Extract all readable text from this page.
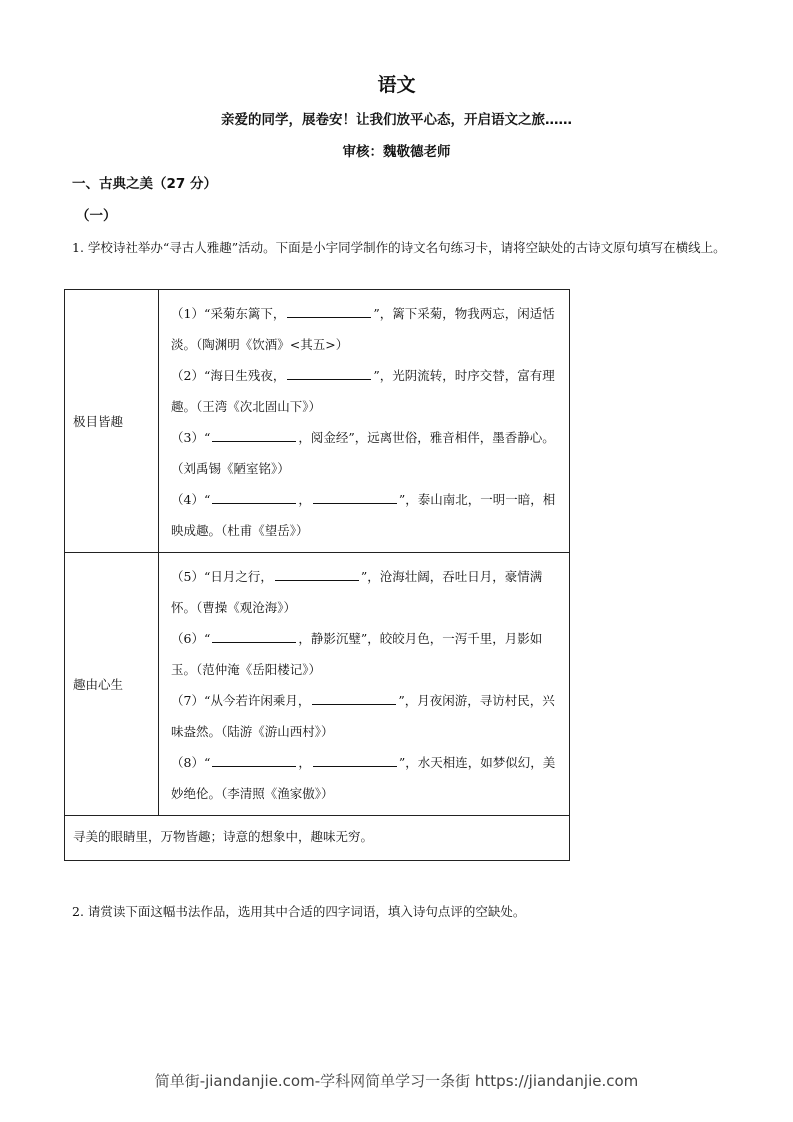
语文
亲爱的同学，展卷安！让我们放平心态，开启语文之旅……
审核：魏敬德老师
一、古典之美（27 分）
（一）
1. 学校诗社举办“寻古人雅趣”活动。下面是小宇同学制作的诗文名句练习卡，请将空缺处的古诗文原句填写在横线上。
极目皆趣	（1）“采菊东篱下， ”，篱下采菊，物我两忘，闲适恬淡。（陶渊明《饮酒》<其五>）
（2）“海日生残夜， ”，光阴流转，时序交替，富有理趣。（王湾《次北固山下》）
（3）“ ，阅金经”，远离世俗，雅音相伴，墨香静心。（刘禹锡《陋室铭》）
（4）“ ， ”，泰山南北，一明一暗，相映成趣。（杜甫《望岳》）

趣由心生	（5）“日月之行， ”，沧海壮阔，吞吐日月，豪情满怀。（曹操《观沧海》）
（6）“ ，静影沉璧”，皎皎月色，一泻千里，月影如玉。（范仲淹《岳阳楼记》）
（7）“从今若许闲乘月， ”，月夜闲游，寻访村民，兴味盎然。（陆游《游山西村》）
（8）“ ， ”，水天相连，如梦似幻，美妙绝伦。（李清照《渔家傲》）

寻美的眼睛里，万物皆趣；诗意的想象中，趣味无穷。	
2. 请赏读下面这幅书法作品，选用其中合适的四字词语，填入诗句点评的空缺处。
简单街-jiandanjie.com-学科网简单学习一条街 https://jiandanjie.com
